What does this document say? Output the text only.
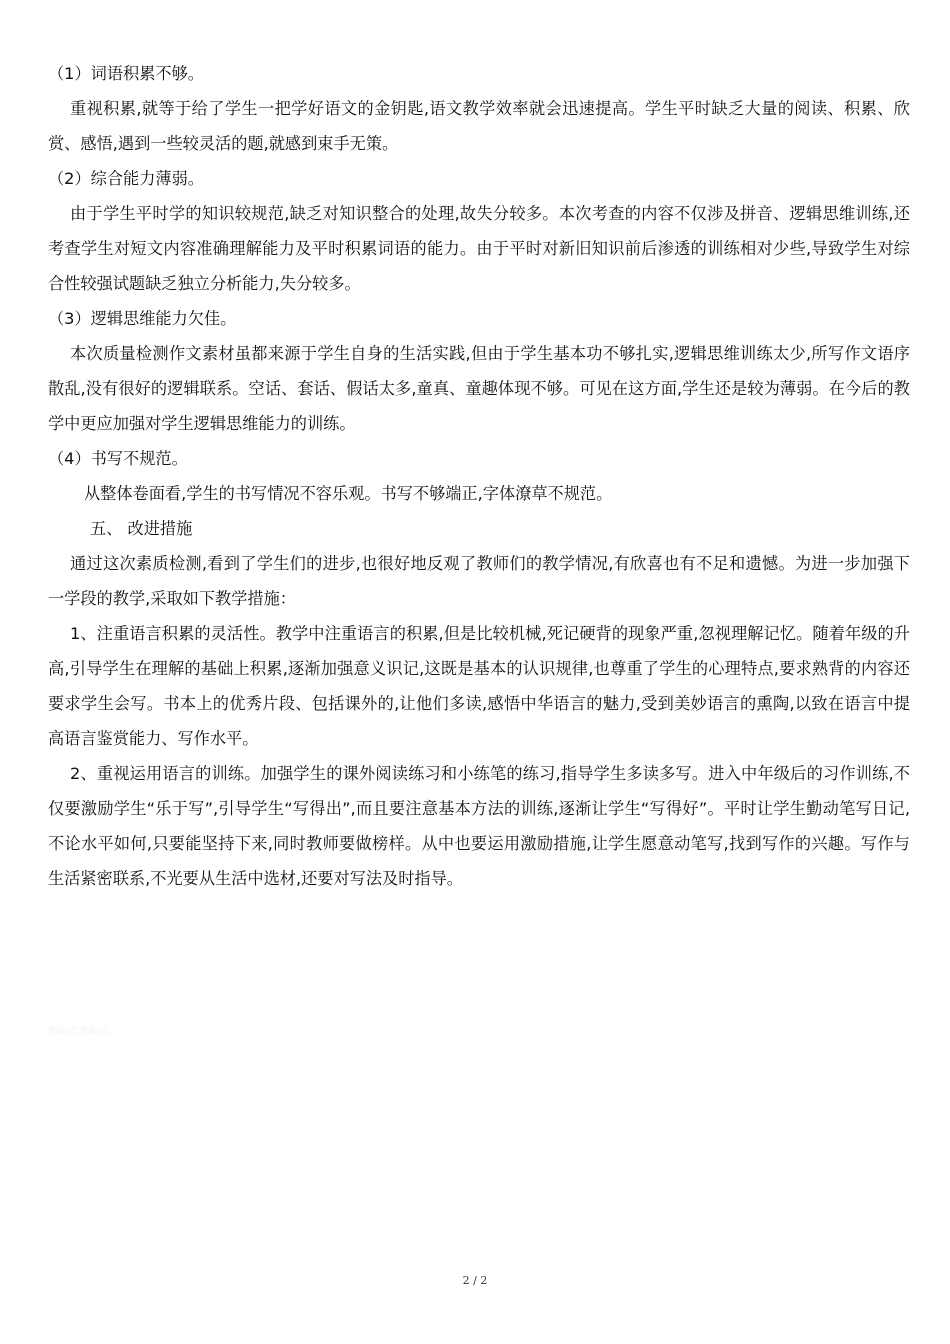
（1）词语积累不够。

重视积累,就等于给了学生一把学好语文的金钥匙,语文教学效率就会迅速提高。学生平时缺乏大量的阅读、积累、欣赏、感悟,遇到一些较灵活的题,就感到束手无策。

（2）综合能力薄弱。

由于学生平时学的知识较规范,缺乏对知识整合的处理,故失分较多。本次考查的内容不仅涉及拼音、逻辑思维训练,还考查学生对短文内容准确理解能力及平时积累词语的能力。由于平时对新旧知识前后渗透的训练相对少些,导致学生对综合性较强试题缺乏独立分析能力,失分较多。

（3）逻辑思维能力欠佳。

本次质量检测作文素材虽都来源于学生自身的生活实践,但由于学生基本功不够扎实,逻辑思维训练太少,所写作文语序散乱,没有很好的逻辑联系。空话、套话、假话太多,童真、童趣体现不够。可见在这方面,学生还是较为薄弱。在今后的教学中更应加强对学生逻辑思维能力的训练。

（4）书写不规范。

从整体卷面看,学生的书写情况不容乐观。书写不够端正,字体潦草不规范。

五、 改进措施

通过这次素质检测,看到了学生们的进步,也很好地反观了教师们的教学情况,有欣喜也有不足和遗憾。为进一步加强下一学段的教学,采取如下教学措施：

1、注重语言积累的灵活性。教学中注重语言的积累,但是比较机械,死记硬背的现象严重,忽视理解记忆。随着年级的升高,引导学生在理解的基础上积累,逐渐加强意义识记,这既是基本的认识规律,也尊重了学生的心理特点,要求熟背的内容还要求学生会写。书本上的优秀片段、包括课外的,让他们多读,感悟中华语言的魅力,受到美妙语言的熏陶,以致在语言中提高语言鉴赏能力、写作水平。

2、重视运用语言的训练。加强学生的课外阅读练习和小练笔的练习,指导学生多读多写。进入中年级后的习作训练,不仅要激励学生“乐于写”,引导学生“写得出”,而且要注意基本方法的训练,逐渐让学生“写得好”。平时让学生勤动笔写日记,不论水平如何,只要能坚持下来,同时教师要做榜样。从中也要运用激励措施,让学生愿意动笔写,找到写作的兴趣。写作与生活紧密联系,不光要从生活中选材,还要对写法及时指导。

知识改变命运
2 / 2
